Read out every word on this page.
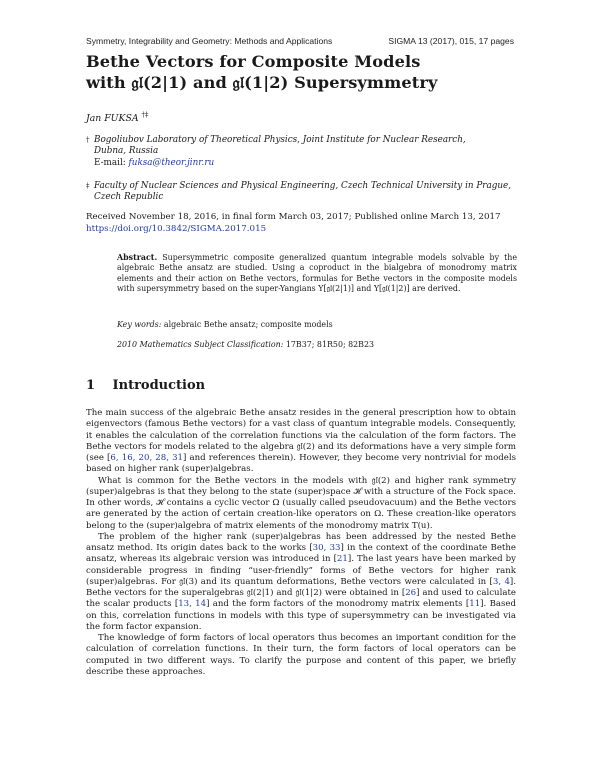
Symmetry, Integrability and Geometry: Methods and Applications	SIGMA 13 (2017), 015, 17 pages
Bethe Vectors for Composite Models
with 𝔤𝔩(2|1) and 𝔤𝔩(1|2) Supersymmetry
Jan FUKSA †‡
† Bogoliubov Laboratory of Theoretical Physics, Joint Institute for Nuclear Research,
Dubna, Russia
E-mail: fuksa@theor.jinr.ru
‡ Faculty of Nuclear Sciences and Physical Engineering, Czech Technical University in Prague,
Czech Republic
Received November 18, 2016, in final form March 03, 2017; Published online March 13, 2017
https://doi.org/10.3842/SIGMA.2017.015
Abstract. Supersymmetric composite generalized quantum integrable models solvable by the algebraic Bethe ansatz are studied. Using a coproduct in the bialgebra of monodromy matrix elements and their action on Bethe vectors, formulas for Bethe vectors in the composite models with supersymmetry based on the super-Yangians Y[𝔤𝔩(2|1)] and Y[𝔤𝔩(1|2)] are derived.
Key words: algebraic Bethe ansatz; composite models
2010 Mathematics Subject Classification: 17B37; 81R50; 82B23
1 Introduction

The main success of the algebraic Bethe ansatz resides in the general prescription how to obtain eigenvectors (famous Bethe vectors) for a vast class of quantum integrable models. Consequently, it enables the calculation of the correlation functions via the calculation of the form factors. The Bethe vectors for models related to the algebra 𝔤𝔩(2) and its deformations have a very simple form (see [6, 16, 20, 28, 31] and references therein). However, they become very nontrivial for models based on higher rank (super)algebras.

What is common for the Bethe vectors in the models with 𝔤𝔩(2) and higher rank symmetry (super)algebras is that they belong to the state (super)space ℋ with a structure of the Fock space. In other words, ℋ contains a cyclic vector Ω (usually called pseudovacuum) and the Bethe vectors are generated by the action of certain creation-like operators on Ω. These creation-like operators belong to the (super)algebra of matrix elements of the monodromy matrix T(u).

The problem of the higher rank (super)algebras has been addressed by the nested Bethe ansatz method. Its origin dates back to the works [30, 33] in the context of the coordinate Bethe ansatz, whereas its algebraic version was introduced in [21]. The last years have been marked by considerable progress in finding “user-friendly” forms of Bethe vectors for higher rank (super)algebras. For 𝔤𝔩(3) and its quantum deformations, Bethe vectors were calculated in [3, 4]. Bethe vectors for the superalgebras 𝔤𝔩(2|1) and 𝔤𝔩(1|2) were obtained in [26] and used to calculate the scalar products [13, 14] and the form factors of the monodromy matrix elements [11]. Based on this, correlation functions in models with this type of supersymmetry can be investigated via the form factor expansion.

The knowledge of form factors of local operators thus becomes an important condition for the calculation of correlation functions. In their turn, the form factors of local operators can be computed in two different ways. To clarify the purpose and content of this paper, we briefly describe these approaches.
